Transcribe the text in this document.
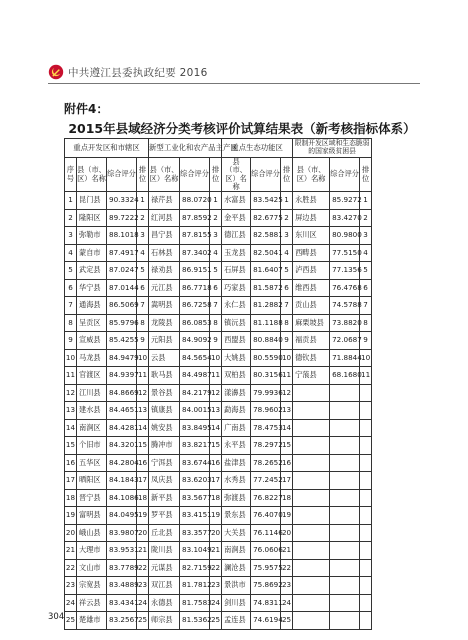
中共遵江县委执政纪要 2016
附件4：
2015年县域经济分类考核评价试算结果表（新考核指标体系）
重点开发区和市辖区				新型工业化和农产品主产区			重点生态功能区			限制开发区域和生态脆弱的国家级贫困县			
序号	县（市、区）名称	综合评分	排位	县（市、区）名称	综合评分	排位	县（市、区）名称	综合评分	排位	县（市、区）名称	综合评分	排位	
1	昆门县	90.3324	1	禄芹县	88.0720	1	水富县	83.5425	1	永胜县	85.9272	1	
2	隆阳区	89.7222	2	红河县	87.8592	2	金平县	82.6775	2	屏边县	83.4270	2	
3	弥勒市	88.1018	3	昌宁县	87.8155	3	德江县	82.5881	3	东川区	80.9800	3	
4	蒙自市	87.4917	4	石林县	87.3402	4	玉龙县	82.5041	4	西畴县	77.5150	4	
5	武定县	87.0247	5	禄劝县	86.9151	5	石屏县	81.6407	5	泸西县	77.1356	5	
6	华宁县	87.0144	6	元江县	86.7718	6	巧家县	81.5872	6	维西县	76.4768	6	
7	通海县	86.5069	7	嵩明县	86.7258	7	永仁县	81.2882	7	贡山县	74.5788	7	
8	呈贡区	85.9796	8	龙陵县	86.0853	8	镇沅县	81.1188	8	麻栗坡县	73.8820	8	
9	宣威县	85.4255	9	元阳县	84.9092	9	西盟县	80.8840	9	福贡县	72.0687	9	
10	马龙县	84.9479	10	云县	84.5654	10	大姚县	80.5590	10	德钦县	71.8844	10	
11	官渡区	84.9397	11	耿马县	84.4987	11	双柏县	80.3156	11	宁蒗县	68.1680	11	
12	江川县	84.8669	12	景谷县	84.2179	12	漾濞县	79.9936	12				
13	建水县	84.4651	13	镇康县	84.0015	13	勐海县	78.9602	13				
14	南涧区	84.4281	14	姚安县	83.8495	14	广南县	78.4753	14				
15	个旧市	84.3201	15	腾冲市	83.8217	15	永平县	78.2972	15				
16	五华区	84.2804	16	宁洱县	83.6744	16	盐津县	78.2652	16				
17	晒阳区	84.1843	17	凤庆县	83.6203	17	水秀县	77.2452	17				
18	晋宁县	84.1086	18	新平县	83.5677	18	弥渡县	76.8227	18				
19	富明县	84.0495	19	罗平县	83.4151	19	景东县	76.4070	19				
20	峨山县	83.9807	20	丘北县	83.3577	20	大关县	76.1146	20				
21	大理市	83.9531	21	陇川县	83.1049	21	南涧县	76.0606	21				
22	文山市	83.7789	22	元谋县	82.7159	22	澜沧县	75.9575	22				
23	宗宽县	83.4889	23	双江县	81.7812	23	景洪市	75.8692	23				
24	祥云县	83.4341	24	永德县	81.7583	24	剑川县	74.8311	24				
25	楚雄市	83.2567	25	师宗县	81.5362	25	孟连县	74.6194	25				
304
